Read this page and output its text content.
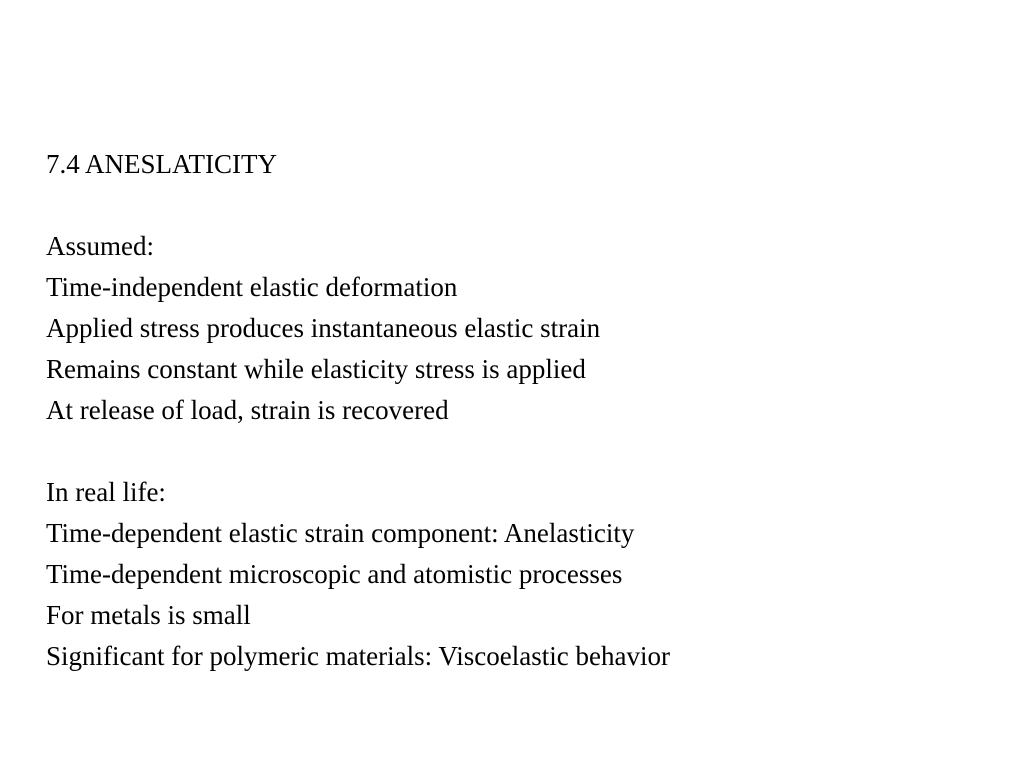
7.4 ANESLATICITY
Assumed:
Time-independent elastic deformation
Applied stress produces instantaneous elastic strain
Remains constant while elasticity stress is applied
At release of load, strain is recovered
In real life:
Time-dependent elastic strain component: Anelasticity
Time-dependent microscopic and atomistic processes
For metals is small
Significant for polymeric materials: Viscoelastic behavior
